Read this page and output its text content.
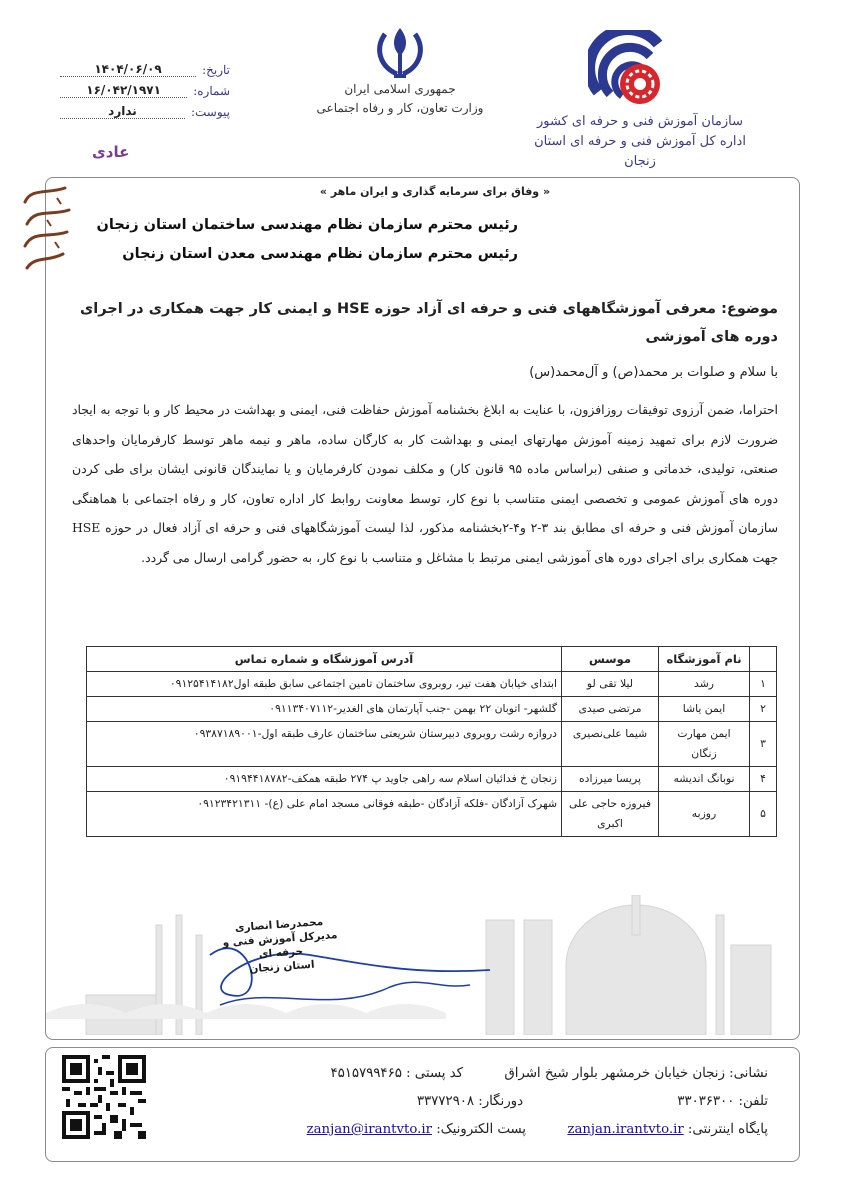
سازمان آموزش فنی و حرفه ای کشور
اداره کل آموزش فنی و حرفه ای استان زنجان
جمهوری اسلامی ایران
وزارت تعاون، کار و رفاه اجتماعی
تاریخ:
۱۴۰۴/۰۶/۰۹
شماره:
۱۶/۰۴۲/۱۹۷۱
پیوست:
ندارد
عادی
« وفاق برای سرمایه گذاری و ایران ماهر »
رئیس محترم سازمان نظام مهندسی ساختمان استان زنجان
رئیس محترم سازمان نظام مهندسی معدن استان زنجان
موضوع: معرفی آموزشگاههای فنی و حرفه ای آزاد حوزه HSE و ایمنی کار جهت همکاری در اجرای دوره های آموزشی
با سلام و صلوات بر محمد(ص) و آل‌محمد(س)
احتراما، ضمن آرزوی توفیقات روزافزون، با عنایت به ابلاغ بخشنامه آموزش حفاظت فنی، ایمنی و بهداشت در محیط کار و با توجه به ایجاد ضرورت لازم برای تمهید زمینه آموزش مهارتهای ایمنی و بهداشت کار به کارگان ساده، ماهر و نیمه ماهر توسط کارفرمایان واحدهای صنعتی، تولیدی، خدماتی و صنفی (براساس ماده ۹۵ قانون کار) و مکلف نمودن کارفرمایان و یا نمایندگان قانونی ایشان برای طی کردن دوره های آموزش عمومی و تخصصی ایمنی متناسب با نوع کار، توسط معاونت روابط کار اداره تعاون، کار و رفاه اجتماعی با هماهنگی سازمان آموزش فنی و حرفه ای مطابق بند ۳-۲ و۴-۲بخشنامه مذکور، لذا لیست آموزشگاههای فنی و حرفه ای آزاد فعال در حوزه HSE جهت همکاری برای اجرای دوره های آموزشی ایمنی مرتبط با مشاغل و متناسب با نوع کار، به حضور گرامی ارسال می گردد.
	نام آموزشگاه	موسس	آدرس آموزشگاه و شماره تماس
۱	رشد	لیلا تقی لو	ابتدای خیابان هفت تیر، روبروی ساختمان تامین اجتماعی سابق طبقه اول۰۹۱۲۵۴۱۴۱۸۲
۲	ایمن یاشا	مرتضی صیدی	گلشهر- اتوبان ۲۲ بهمن -جنب آپارتمان های الغدیر-۰۹۱۱۳۴۰۷۱۱۲
۳	ایمن مهارت زنگان	شیما علی‌نصیری	دروازه رشت روبروی دبیرستان شریعتی ساختمان عارف طبقه اول-۰۹۳۸۷۱۸۹۰۰۱
۴	نوبانگ اندیشه	پریسا میرزاده	زنجان خ فدائیان اسلام سه راهی جاوید پ ۲۷۴ طبقه همکف-۰۹۱۹۴۴۱۸۷۸۲
۵	روزبه	فیروزه حاجی علی اکبری	شهرک آزادگان -فلکه آزادگان -طبقه فوقانی مسجد امام علی (ع)- ۰۹۱۲۳۴۲۱۳۱۱
محمدرضا انصاری
مدیرکل آموزش فنی و حرفه ای
استان زنجان
نشانی: زنجان خیابان خرمشهر بلوار شیخ اشراق
کد پستی : ۴۵۱۵۷۹۹۴۶۵
تلفن: ۳۳۰۳۶۳۰۰
دورنگار: ۳۳۷۷۲۹۰۸
پایگاه اینترنتی: zanjan.irantvto.ir
پست الکترونیک: zanjan@irantvto.ir
